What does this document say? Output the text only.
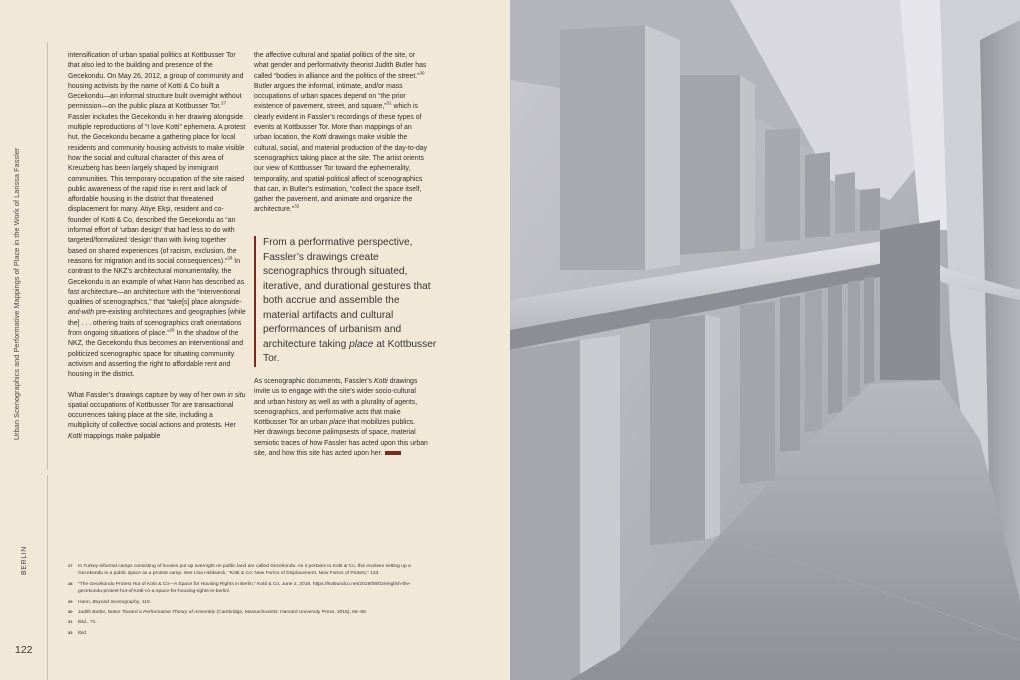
Urban Scenographics and Performative Mappings of Place in the Work of Larissa Fassler
BERLIN
122

intensification of urban spatial politics at Kottbusser Tor that also led to the building and presence of the Gecekondu. On May 26, 2012, a group of community and housing activists by the name of Kotti & Co built a Gecekondu—an informal structure built overnight without permission—on the public plaza at Kottbusser Tor.$^{27}$ Fassler includes the Gecekondu in her drawing alongside multiple reproductions of “I love Kotti” ephemera. A protest hut, the Gecekondu became a gathering place for local residents and community housing activists to make visible how the social and cultural character of this area of Kreuzberg has been largely shaped by immigrant communities. This temporary occupation of the site raised public awareness of the rapid rise in rent and lack of affordable housing in the district that threatened displacement for many. Atiye Ekşi, resident and co-founder of Kotti & Co, described the Gecekondu as “an informal effort of ‘urban design’ that had less to do with targeted/formalized ‘design’ than with living together based on shared experiences (of racism, exclusion, the reasons for migration and its social consequences).”$^{28}$ In contrast to the NKZ’s architectural monumentality, the Gecekondu is an example of what Hann has described as fast architecture—an architecture with the “interventional qualities of scenographics,” that “take[s] place alongside-and-with pre-existing architectures and geographies [while the] . . . othering traits of scenographics craft orientations from ongoing situations of place.”$^{29}$ In the shadow of the NKZ, the Gecekondu thus becomes an interventional and politicized scenographic space for situating community activism and asserting the right to affordable rent and housing in the district.

What Fassler’s drawings capture by way of her own in situ spatial occupations of Kottbusser Tor are transactional occurrences taking place at the site, including a multiplicity of collective social actions and protests. Her Kotti mappings make palpable

the affective cultural and spatial politics of the site, or what gender and performativity theorist Judith Butler has called “bodies in alliance and the politics of the street.”$^{30}$ Butler argues the informal, intimate, and/or mass occupations of urban spaces depend on “the prior existence of pavement, street, and square,”$^{31}$ which is clearly evident in Fassler’s recordings of these types of events at Kottbusser Tor. More than mappings of an urban location, the Kotti drawings make visible the cultural, social, and material production of the day-to-day scenographics taking place at the site. The artist orients our view of Kottbusser Tor toward the ephemerality, temporality, and spatial-political affect of scenographics that can, in Butler’s estimation, “collect the space itself, gather the pavement, and animate and organize the architecture.”$^{32}$

From a performative perspective, Fassler’s drawings create scenographics through situated, iterative, and durational gestures that both accrue and assemble the material artifacts and cultural performances of urbanism and architecture taking place at Kottbusser Tor.

As scenographic documents, Fassler’s Kotti drawings invite us to engage with the site’s wider socio-cultural and urban history as well as with a plurality of agents, scenographics, and performative acts that make Kottbusser Tor an urban place that mobilizes publics. Her drawings become palimpsests of space, material semiotic traces of how Fassler has acted upon this urban site, and how this site has acted upon her.

27 In Turkey informal camps consisting of houses put up overnight on public land are called Gecekondu. As it pertains to Kotti & Co, this involves setting up a Gecekondu in a public space as a protest camp. See Lisa Heldsieck, “Kotti & Co: New Forms of Displacement, New Forms of Protest,” 133.
28 “The Gecekondu Protest Hut of Kotti & Co—A Space for Housing Rights in Berlin,” Kotti & Co, June 2, 2019, https://kottiundco.net/2019/06/02/english-the-gecekondu-protest-hut-of-kotti-co-a-space-for-housing-rights-in-berlin/.
29 Hann, Beyond Scenography, 119.
30 Judith Butler, Notes Toward a Performative Theory of Assembly (Cambridge, Massachusetts: Harvard University Press, 2015), 66–69.
31 Ibid., 71.
32 Ibid.
